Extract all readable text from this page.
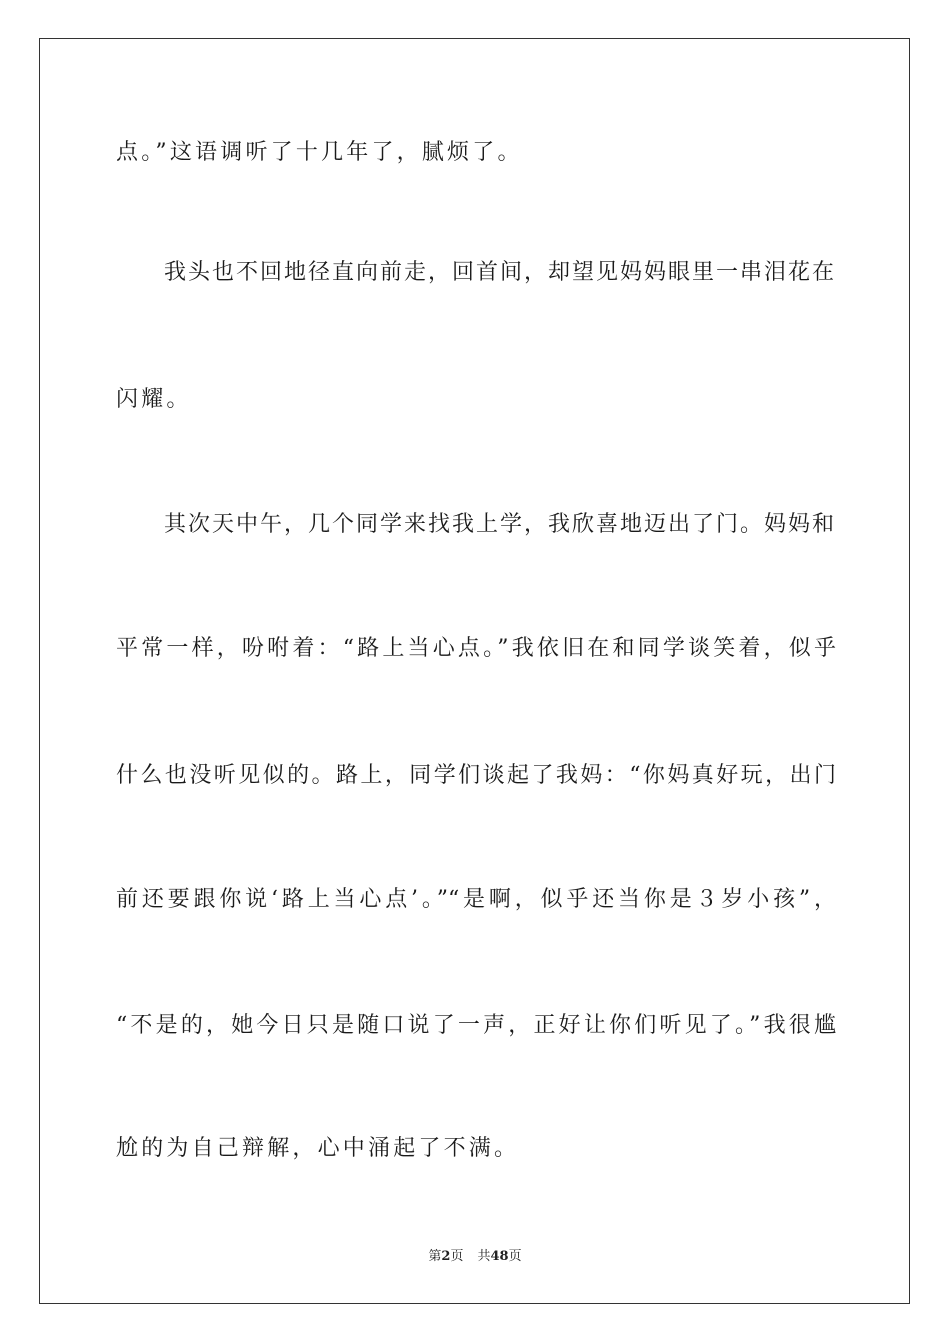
点。”这语调听了十几年了，腻烦了。
我头也不回地径直向前走，回首间，却望见妈妈眼里一串泪花在
闪耀。
其次天中午，几个同学来找我上学，我欣喜地迈出了门。妈妈和
平常一样，吩咐着：“路上当心点。”我依旧在和同学谈笑着，似乎
什么也没听见似的。路上，同学们谈起了我妈：“你妈真好玩，出门
前还要跟你说‘路上当心点’。”“是啊，似乎还当你是３岁小孩”，
“不是的，她今日只是随口说了一声，正好让你们听见了。”我很尴
尬的为自己辩解，心中涌起了不满。
第2页 共48页
